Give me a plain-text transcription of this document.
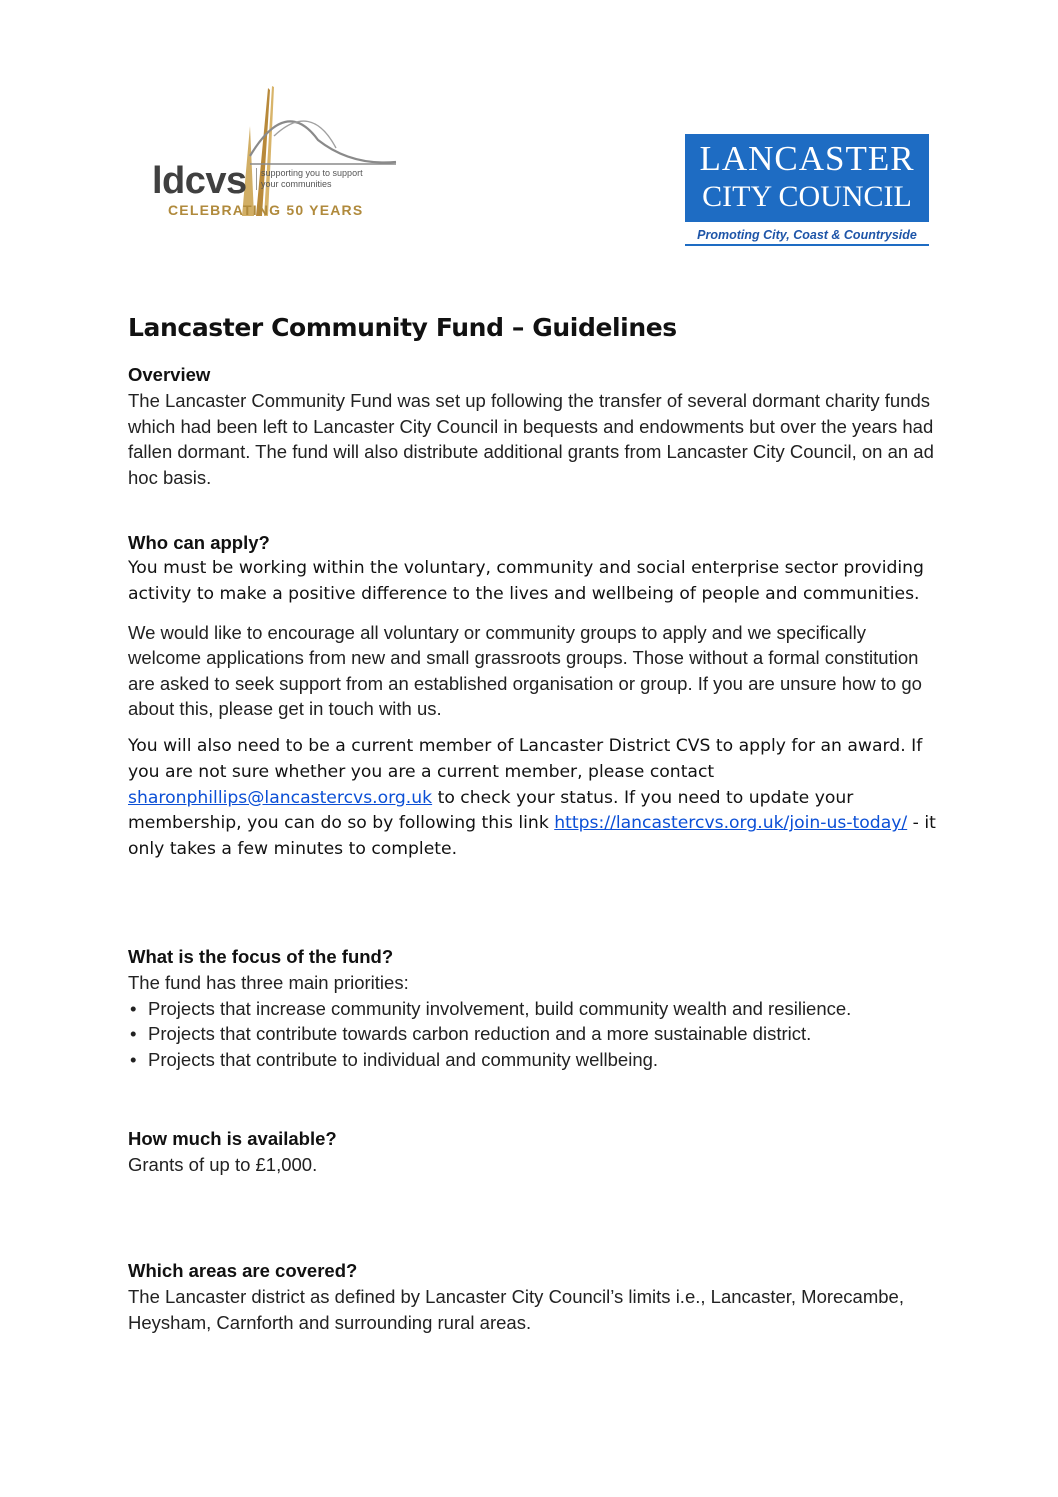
ldcvs supporting you to support
your communities
CELEBRATING 50 YEARS
LANCASTER
CITY COUNCIL
Promoting City, Coast & Countryside
Lancaster Community Fund – Guidelines
Overview

The Lancaster Community Fund was set up following the transfer of several dormant charity funds which had been left to Lancaster City Council in bequests and endowments but over the years had fallen dormant. The fund will also distribute additional grants from Lancaster City Council, on an ad hoc basis.

Who can apply?

You must be working within the voluntary, community and social enterprise sector providing activity to make a positive difference to the lives and wellbeing of people and communities.

We would like to encourage all voluntary or community groups to apply and we specifically welcome applications from new and small grassroots groups. Those without a formal constitution are asked to seek support from an established organisation or group. If you are unsure how to go about this, please get in touch with us.

You will also need to be a current member of Lancaster District CVS to apply for an award. If you are not sure whether you are a current member, please contact sharonphillips@lancastercvs.org.uk to check your status. If you need to update your membership, you can do so by following this link https://lancastercvs.org.uk/join-us-today/ - it only takes a few minutes to complete.

What is the focus of the fund?

The fund has three main priorities:

• Projects that increase community involvement, build community wealth and resilience.
• Projects that contribute towards carbon reduction and a more sustainable district.
• Projects that contribute to individual and community wellbeing.
How much is available?

Grants of up to £1,000.

Which areas are covered?

The Lancaster district as defined by Lancaster City Council’s limits i.e., Lancaster, Morecambe, Heysham, Carnforth and surrounding rural areas.
